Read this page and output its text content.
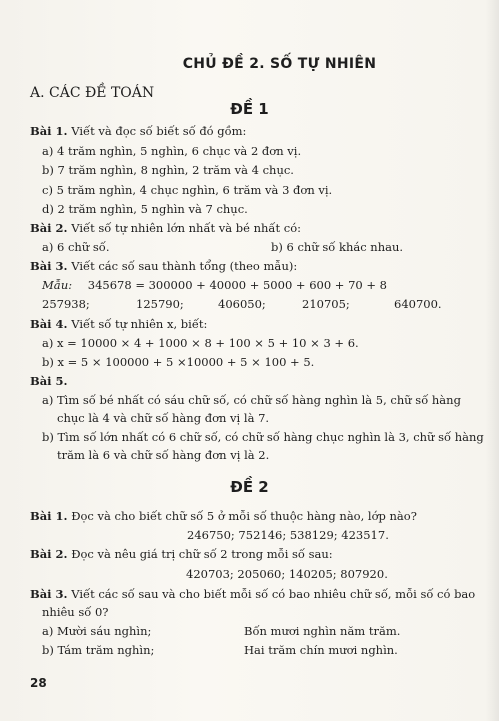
CHỦ ĐỀ 2. SỐ TỰ NHIÊN
A. CÁC ĐỀ TOÁN
ĐỀ 1
Bài 1. Viết và đọc số biết số đó gồm:
a) 4 trăm nghìn, 5 nghìn, 6 chục và 2 đơn vị.
b) 7 trăm nghìn, 8 nghìn, 2 trăm và 4 chục.
c) 5 trăm nghìn, 4 chục nghìn, 6 trăm và 3 đơn vị.
d) 2 trăm nghìn, 5 nghìn và 7 chục.
Bài 2. Viết số tự nhiên lớn nhất và bé nhất có:
a) 6 chữ số.	b) 6 chữ số khác nhau.
Bài 3. Viết các số sau thành tổng (theo mẫu):
Mẫu: 345678 = 300000 + 40000 + 5000 + 600 + 70 + 8
257938;	125790;	406050;	210705;	640700.
Bài 4. Viết số tự nhiên x, biết:
a) x = 10000 × 4 + 1000 × 8 + 100 × 5 + 10 × 3 + 6.
b) x = 5 × 100000 + 5 ×10000 + 5 × 100 + 5.
Bài 5.
a) Tìm số bé nhất có sáu chữ số, có chữ số hàng nghìn là 5, chữ số hàng
chục là 4 và chữ số hàng đơn vị là 7.
b) Tìm số lớn nhất có 6 chữ số, có chữ số hàng chục nghìn là 3, chữ số hàng
trăm là 6 và chữ số hàng đơn vị là 2.
ĐỀ 2
Bài 1. Đọc và cho biết chữ số 5 ở mỗi số thuộc hàng nào, lớp nào?
246750; 752146; 538129; 423517.
Bài 2. Đọc và nêu giá trị chữ số 2 trong mỗi số sau:
420703; 205060; 140205; 807920.
Bài 3. Viết các số sau và cho biết mỗi số có bao nhiêu chữ số, mỗi số có bao
nhiêu số 0?
a) Mười sáu nghìn;	Bốn mươi nghìn năm trăm.
b) Tám trăm nghìn;	Hai trăm chín mươi nghìn.
28
